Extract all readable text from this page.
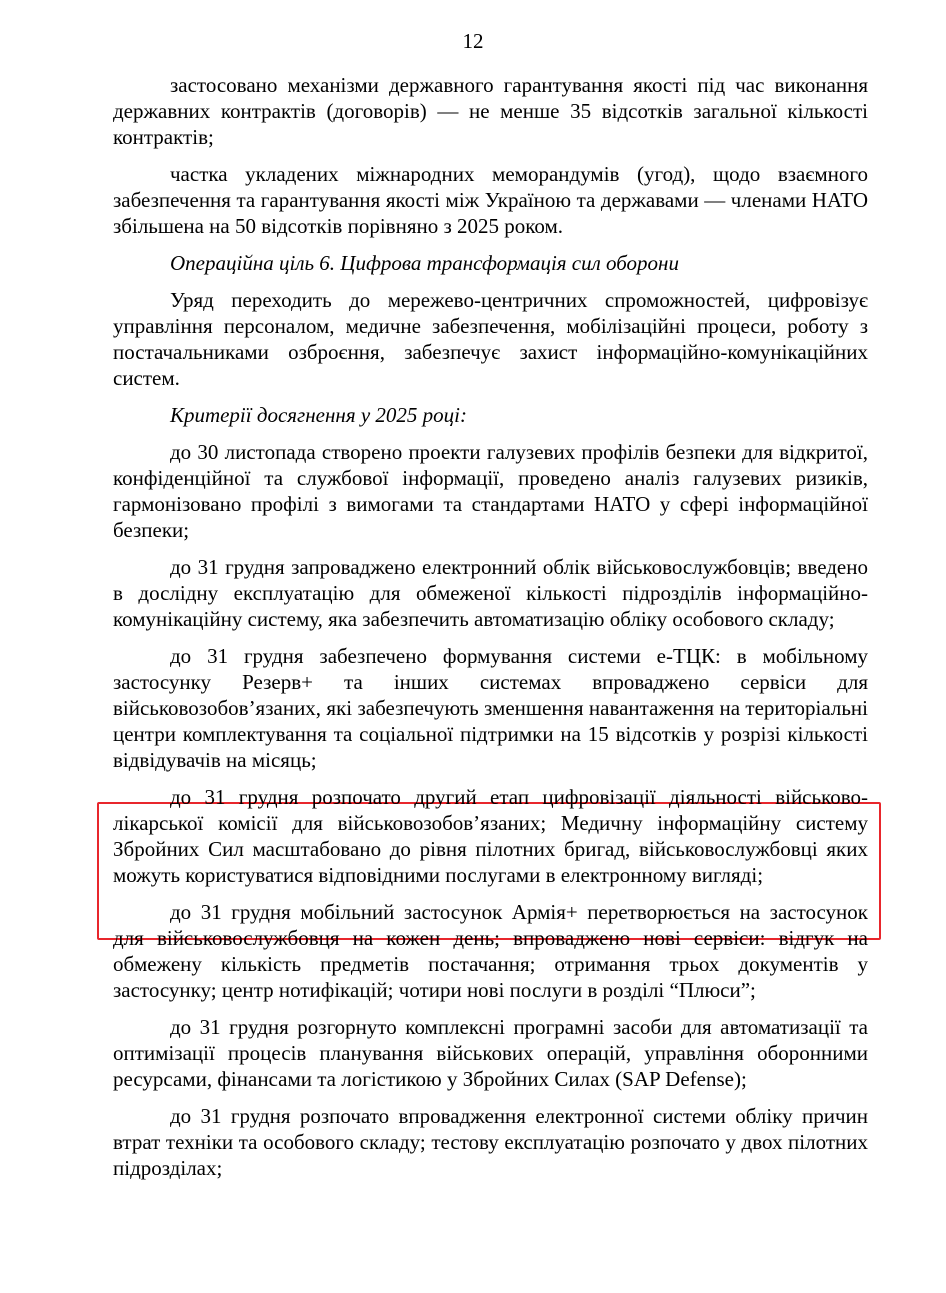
12

застосовано механізми державного гарантування якості під час виконання державних контрактів (договорів) — не менше 35 відсотків загальної кількості контрактів;

частка укладених міжнародних меморандумів (угод), щодо взаємного забезпечення та гарантування якості між Україною та державами — членами НАТО збільшена на 50 відсотків порівняно з 2025 роком.

Операційна ціль 6. Цифрова трансформація сил оборони

Уряд переходить до мережево-центричних спроможностей, цифровізує управління персоналом, медичне забезпечення, мобілізаційні процеси, роботу з постачальниками озброєння, забезпечує захист інформаційно-комунікаційних систем.

Критерії досягнення у 2025 році:

до 30 листопада створено проекти галузевих профілів безпеки для відкритої, конфіденційної та службової інформації, проведено аналіз галузевих ризиків, гармонізовано профілі з вимогами та стандартами НАТО у сфері інформаційної безпеки;

до 31 грудня запроваджено електронний облік військовослужбовців; введено в дослідну експлуатацію для обмеженої кількості підрозділів інформаційно-комунікаційну систему, яка забезпечить автоматизацію обліку особового складу;

до 31 грудня забезпечено формування системи е-ТЦК: в мобільному застосунку Резерв+ та інших системах впроваджено сервіси для військовозобов’язаних, які забезпечують зменшення навантаження на територіальні центри комплектування та соціальної підтримки на 15 відсотків у розрізі кількості відвідувачів на місяць;

до 31 грудня розпочато другий етап цифровізації діяльності військово-лікарської комісії для військовозобов’язаних; Медичну інформаційну систему Збройних Сил масштабовано до рівня пілотних бригад, військовослужбовці яких можуть користуватися відповідними послугами в електронному вигляді;

до 31 грудня мобільний застосунок Армія+ перетворюється на застосунок для військовослужбовця на кожен день; впроваджено нові сервіси: відгук на обмежену кількість предметів постачання; отримання трьох документів у застосунку; центр нотифікацій; чотири нові послуги в розділі “Плюси”;

до 31 грудня розгорнуто комплексні програмні засоби для автоматизації та оптимізації процесів планування військових операцій, управління оборонними ресурсами, фінансами та логістикою у Збройних Силах (SAP Defense);

до 31 грудня розпочато впровадження електронної системи обліку причин втрат техніки та особового складу; тестову експлуатацію розпочато у двох пілотних підрозділах;
